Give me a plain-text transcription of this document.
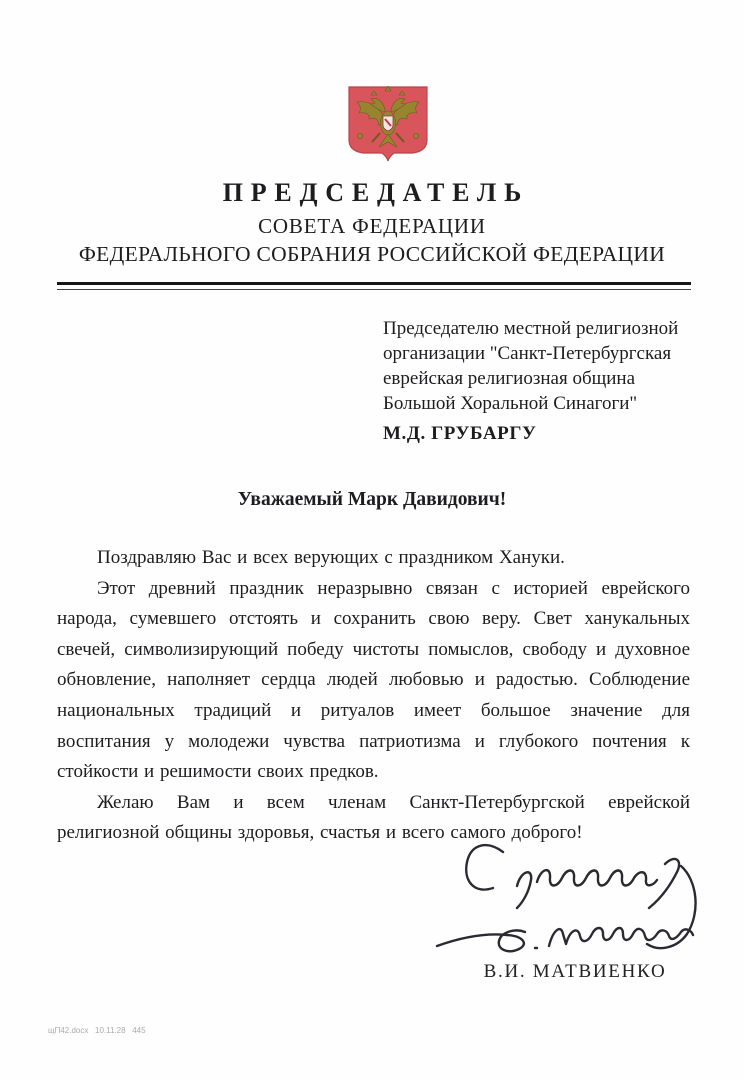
ПРЕДСЕДАТЕЛЬ
СОВЕТА ФЕДЕРАЦИИ
ФЕДЕРАЛЬНОГО СОБРАНИЯ РОССИЙСКОЙ ФЕДЕРАЦИИ
Председателю местной религиозной
организации "Санкт-Петербургская
еврейская религиозная община
Большой Хоральной Синагоги"
М.Д. ГРУБАРГУ
Уважаемый Марк Давидович!

Поздравляю Вас и всех верующих с праздником Хануки.

Этот древний праздник неразрывно связан с историей еврейского народа, сумевшего отстоять и сохранить свою веру. Свет ханукальных свечей, символизирующий победу чистоты помыслов, свободу и духовное обновление, наполняет сердца людей любовью и радостью. Соблюдение национальных традиций и ритуалов имеет большое значение для воспитания у молодежи чувства патриотизма и глубокого почтения к стойкости и решимости своих предков.

Желаю Вам и всем членам Санкт-Петербургской еврейской религиозной общины здоровья, счастья и всего самого доброго!

В.И. МАТВИЕНКО
щП42.docx   10.11.28   445
